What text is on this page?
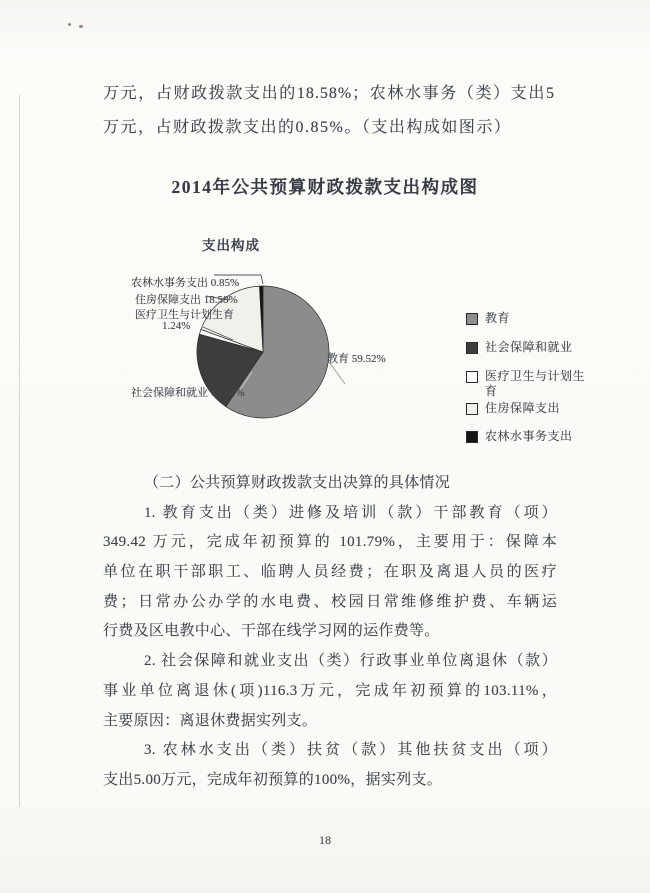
万元，占财政拨款支出的18.58%；农林水事务（类）支出5
万元，占财政拨款支出的0.85%。（支出构成如图示）
2014年公共预算财政拨款支出构成图
支出构成
农林水事务支出 0.85%
住房保障支出 18.58%
医疗卫生与计划生育
1.24%
社会保障和就业 19.81%
教育 59.52%
教育
社会保障和就业
医疗卫生与计划生育
住房保障支出
农林水事务支出
（二）公共预算财政拨款支出决算的具体情况
1. 教育支出（类）进修及培训（款）干部教育（项）
349.42 万元，完成年初预算的 101.79%，主要用于：保障本
单位在职干部职工、临聘人员经费；在职及离退人员的医疗
费；日常办公办学的水电费、校园日常维修维护费、车辆运
行费及区电教中心、干部在线学习网的运作费等。
2. 社会保障和就业支出（类）行政事业单位离退休（款）
事业单位离退休(项)116.3万元，完成年初预算的103.11%，
主要原因：离退休费据实列支。
3. 农林水支出（类）扶贫（款）其他扶贫支出（项）
支出5.00万元，完成年初预算的100%，据实列支。
18
